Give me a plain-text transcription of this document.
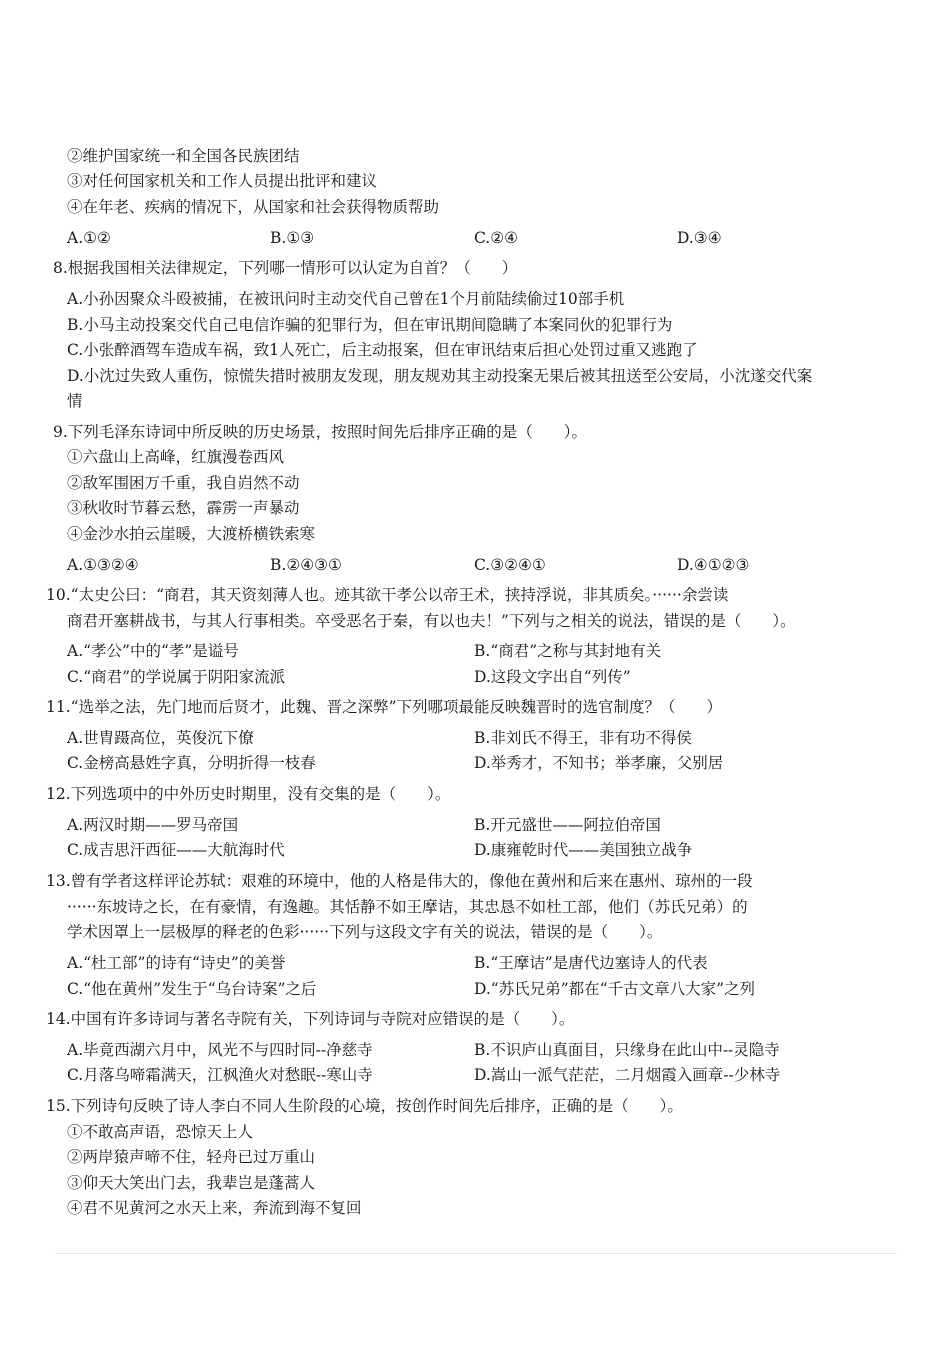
②维护国家统一和全国各民族团结
③对任何国家机关和工作人员提出批评和建议
④在年老、疾病的情况下，从国家和社会获得物质帮助
A.①②	B.①③	C.②④	D.③④
8.根据我国相关法律规定，下列哪一情形可以认定为自首？（　　）
A.小孙因聚众斗殴被捕，在被讯问时主动交代自己曾在1个月前陆续偷过10部手机
B.小马主动投案交代自己电信诈骗的犯罪行为，但在审讯期间隐瞒了本案同伙的犯罪行为
C.小张醉酒驾车造成车祸，致1人死亡，后主动报案，但在审讯结束后担心处罚过重又逃跑了
D.小沈过失致人重伤，惊慌失措时被朋友发现，朋友规劝其主动投案无果后被其扭送至公安局，小沈遂交代案
情
9.下列毛泽东诗词中所反映的历史场景，按照时间先后排序正确的是（　　）。
①六盘山上高峰，红旗漫卷西风
②敌军围困万千重，我自岿然不动
③秋收时节暮云愁，霹雳一声暴动
④金沙水拍云崖暖，大渡桥横铁索寒
A.①③②④	B.②④③①	C.③②④①	D.④①②③
10.“太史公曰：“商君，其天资刻薄人也。迹其欲干孝公以帝王术，挟持浮说，非其质矣。······余尝读
商君开塞耕战书，与其人行事相类。卒受恶名于秦，有以也夫！”下列与之相关的说法，错误的是（　　）。
A.“孝公”中的“孝”是谥号	B.“商君”之称与其封地有关
C.“商君”的学说属于阴阳家流派	D.这段文字出自“列传”
11.“选举之法，先门地而后贤才，此魏、晋之深弊”下列哪项最能反映魏晋时的选官制度？（　　）
A.世胄蹑高位，英俊沉下僚	B.非刘氏不得王，非有功不得侯
C.金榜高悬姓字真，分明折得一枝春	D.举秀才，不知书；举孝廉，父别居
12.下列选项中的中外历史时期里，没有交集的是（　　）。
A.两汉时期——罗马帝国	B.开元盛世——阿拉伯帝国
C.成吉思汗西征——大航海时代	D.康雍乾时代——美国独立战争
13.曾有学者这样评论苏轼：艰难的环境中，他的人格是伟大的，像他在黄州和后来在惠州、琼州的一段
······东坡诗之长，在有豪情，有逸趣。其恬静不如王摩诘，其忠恳不如杜工部，他们（苏氏兄弟）的
学术因罩上一层极厚的释老的色彩······下列与这段文字有关的说法，错误的是（　　）。
A.“杜工部”的诗有“诗史”的美誉	B.“王摩诘”是唐代边塞诗人的代表
C.“他在黄州”发生于“乌台诗案”之后	D.“苏氏兄弟”都在“千古文章八大家”之列
14.中国有许多诗词与著名寺院有关，下列诗词与寺院对应错误的是（　　）。
A.毕竟西湖六月中，风光不与四时同--净慈寺	B.不识庐山真面目，只缘身在此山中--灵隐寺
C.月落乌啼霜满天，江枫渔火对愁眠--寒山寺	D.嵩山一派气茫茫，二月烟霞入画章--少林寺
15.下列诗句反映了诗人李白不同人生阶段的心境，按创作时间先后排序，正确的是（　　）。
①不敢高声语，恐惊天上人
②两岸猿声啼不住，轻舟已过万重山
③仰天大笑出门去，我辈岂是蓬蒿人
④君不见黄河之水天上来，奔流到海不复回
